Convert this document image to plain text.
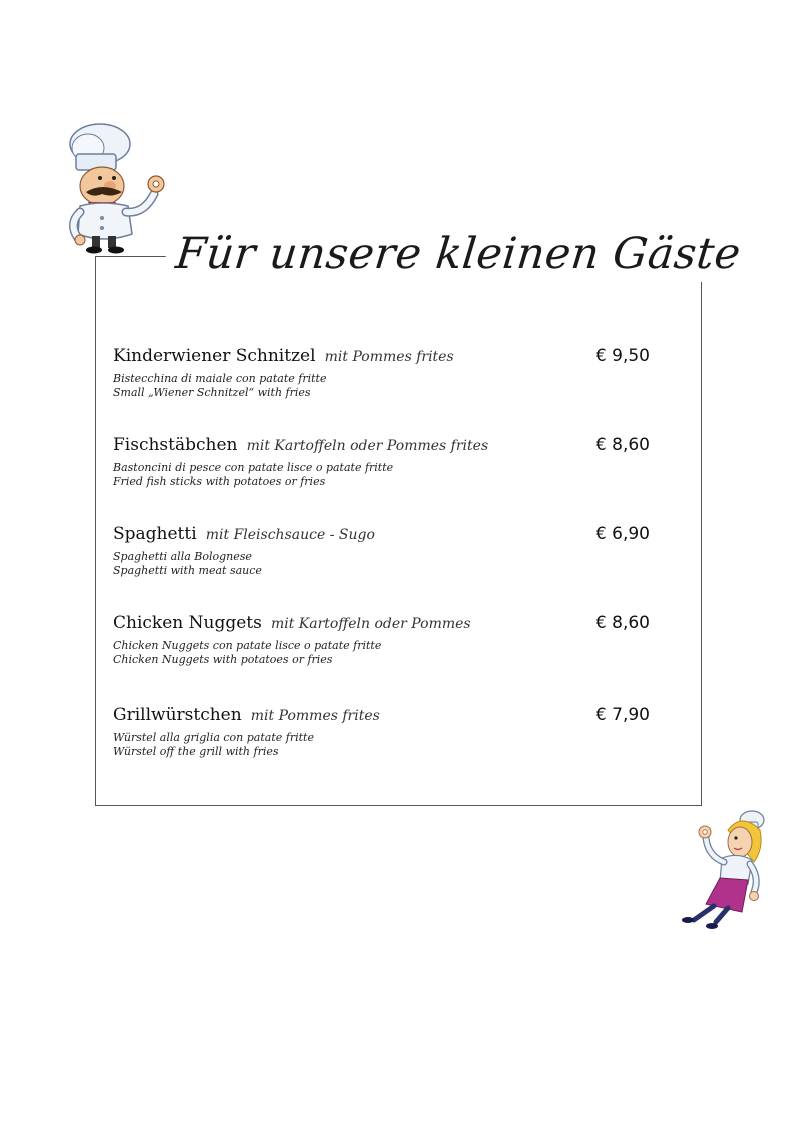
Für unsere kleinen Gäste
Kinderwiener Schnitzel mit Pommes frites	€ 9,50
Bistecchina di maiale con patate fritte
Small „Wiener Schnitzel“ with fries
Fischstäbchen mit Kartoffeln oder Pommes frites	€ 8,60
Bastoncini di pesce con patate lisce o patate fritte
Fried fish sticks with potatoes or fries
Spaghetti mit Fleischsauce - Sugo	€ 6,90
Spaghetti alla Bolognese
Spaghetti with meat sauce
Chicken Nuggets mit Kartoffeln oder Pommes	€ 8,60
Chicken Nuggets con patate lisce o patate fritte
Chicken Nuggets with potatoes or fries
Grillwürstchen mit Pommes frites	€ 7,90
Würstel alla griglia con patate fritte
Würstel off the grill with fries
